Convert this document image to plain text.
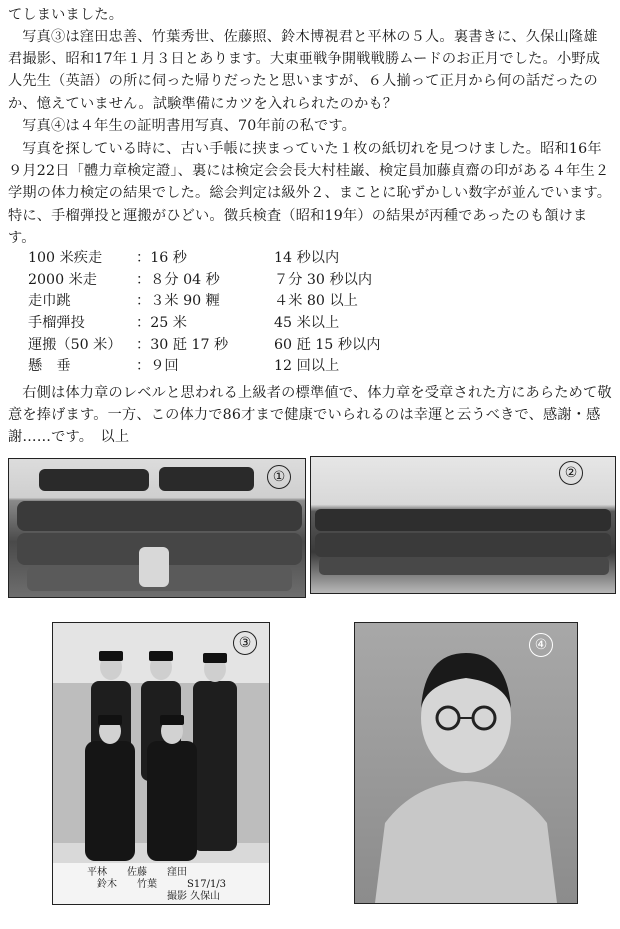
てしまいました。

写真③は窪田忠善、竹葉秀世、佐藤照、鈴木博視君と平林の５人。裏書きに、久保山隆雄君撮影、昭和17年１月３日とあります。大東亜戦争開戦戦勝ムードのお正月でした。小野成人先生（英語）の所に伺った帰りだったと思いますが、６人揃って正月から何の話だったのか、憶えていません。試験準備にカツを入れられたのかも？

写真④は４年生の証明書用写真、70年前の私です。

写真を探している時に、古い手帳に挟まっていた１枚の紙切れを見つけました。昭和16年９月22日「體力章検定證」、裏には検定会会長大村桂巌、検定員加藤貞齋の印がある４年生２学期の体力検定の結果でした。総会判定は級外２、まことに恥ずかしい数字が並んでいます。特に、手榴弾投と運搬がひどい。徴兵検査（昭和19年）の結果が丙種であったのも頷けます。

100 米疾走 ：16 秒	14 秒以内
2000 米走	：８分 04 秒	７分 30 秒以内
走巾跳	：３米 90 糎	４米 80 以上
手榴弾投	：25 米	45 米以上
運搬（50 米） ：30 瓩 17 秒	60 瓩 15 秒以内
懸　垂	：９回	12 回以上

右側は体力章のレベルと思われる上級者の標準値で、体力章を受章された方にあらためて敬意を捧げます。一方、この体力で86才まで健康でいられるのは幸運と云うべきで、感謝・感謝……です。　以上

①	②
③
平林　　佐藤　　窪田
　鈴木　　竹葉　　　S17/1/3
　　　　　　　　撮影 久保山
④
